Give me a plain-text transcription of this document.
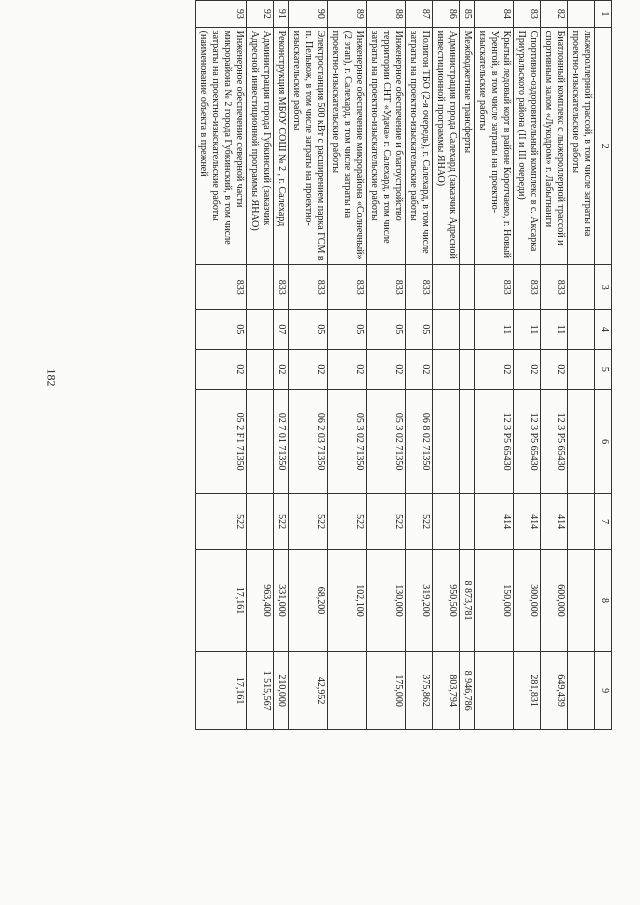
182
1	2	3	4	5	6	7	8	9
	лыжероллерной трассой, в том числе затраты на проектно-изыскательские работы							
82	Биатлонный комплекс с лыжероллерной трассой и спортивным залом «Лукодром» г. Лабытнанги	833	11	02	12 3 P5 65430	414	600,000	649,439
83	Спортивно-оздоровительный комплекс в с. Аксарка Приуральского района (II и III очереди)	833	11	02	12 3 P5 65430	414	300,000	281,831
84	Крытый ледовый корт в районе Коротчаево, г. Новый Уренгой, в том числе затраты на проектно-изыскательские работы	833	11	02	12 3 P5 65430	414	150,000	
85	Межбюджетные трансферты						8 873,781	8 946,786
86	Администрация города Салехард (заказчик Адресной инвестиционной программы ЯНАО)						950,500	803,794
87	Полигон ТБО (2-я очередь), г. Салехард, в том числе затраты на проектно-изыскательские работы	833	05	02	06 8 02 71350	522	319,200	375,862
88	Инженерное обеспечение и благоустройство территории СНТ «Удача» г. Салехард, в том числе затраты на проектно-изыскательские работы	833	05	02	05 3 02 71350	522	130,000	175,000
89	Инженерное обеспечение микрорайона «Солнечный» (2 этап), г. Салехард, в том числе затраты на проектно-изыскательские работы	833	05	02	05 3 02 71350	522	102,100	
90	Электростанция 500 кВт с расширением парка ГСМ в п. Пельвож, в том числе затраты на проектно-изыскательские работы	833	05	02	06 2 03 71350	522	68,200	42,952
91	Реконструкция МБОУ СОШ № 2 , г. Салехард	833	07	02	02 7 01 71350	522	331,000	210,000
92	Администрация города Губкинский (заказчик Адресной инвестиционной программы ЯНАО)						963,400	1 515,567
93	Инженерное обеспечение северной части микрорайона № 2 города Губкинский, в том числе затраты на проектно-изыскательские работы (наименование объекта в прежней	833	05	02	05 2 F1 71350	522	17,161	17,161
